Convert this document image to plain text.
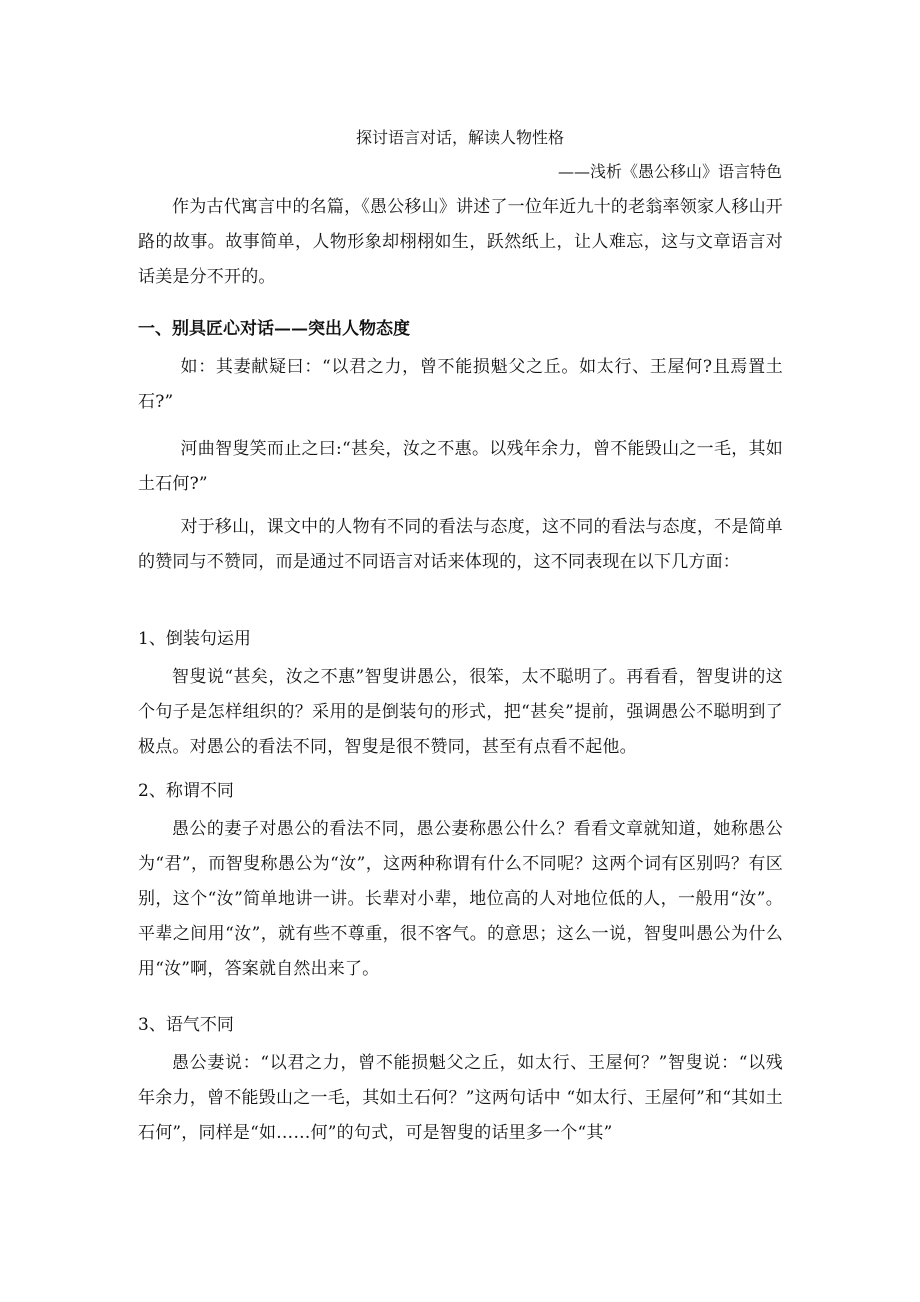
探讨语言对话，解读人物性格
——浅析《愚公移山》语言特色

作为古代寓言中的名篇，《愚公移山》讲述了一位年近九十的老翁率领家人移山开路的故事。故事简单，人物形象却栩栩如生，跃然纸上，让人难忘，这与文章语言对话美是分不开的。

一、别具匠心对话——突出人物态度

如：其妻献疑曰：“以君之力，曾不能损魁父之丘。如太行、王屋何?且焉置土石?”

河曲智叟笑而止之曰:“甚矣，汝之不惠。以残年余力，曾不能毁山之一毛，其如土石何?”

对于移山，课文中的人物有不同的看法与态度，这不同的看法与态度，不是简单的赞同与不赞同，而是通过不同语言对话来体现的，这不同表现在以下几方面：

1、倒装句运用

智叟说“甚矣，汝之不惠”智叟讲愚公，很笨，太不聪明了。再看看，智叟讲的这个句子是怎样组织的？采用的是倒装句的形式，把“甚矣”提前，强调愚公不聪明到了极点。对愚公的看法不同，智叟是很不赞同，甚至有点看不起他。

2、称谓不同

愚公的妻子对愚公的看法不同，愚公妻称愚公什么？看看文章就知道，她称愚公为“君”，而智叟称愚公为“汝”，这两种称谓有什么不同呢？这两个词有区别吗？有区别，这个“汝”简单地讲一讲。长辈对小辈，地位高的人对地位低的人，一般用“汝”。平辈之间用“汝”，就有些不尊重，很不客气。的意思；这么一说，智叟叫愚公为什么用“汝”啊，答案就自然出来了。

3、语气不同

愚公妻说：“以君之力，曾不能损魁父之丘，如太行、王屋何？”智叟说：“以残年余力，曾不能毁山之一毛，其如土石何？”这两句话中 “如太行、王屋何”和“其如土石何”，同样是“如……何”的句式，可是智叟的话里多一个“其”
